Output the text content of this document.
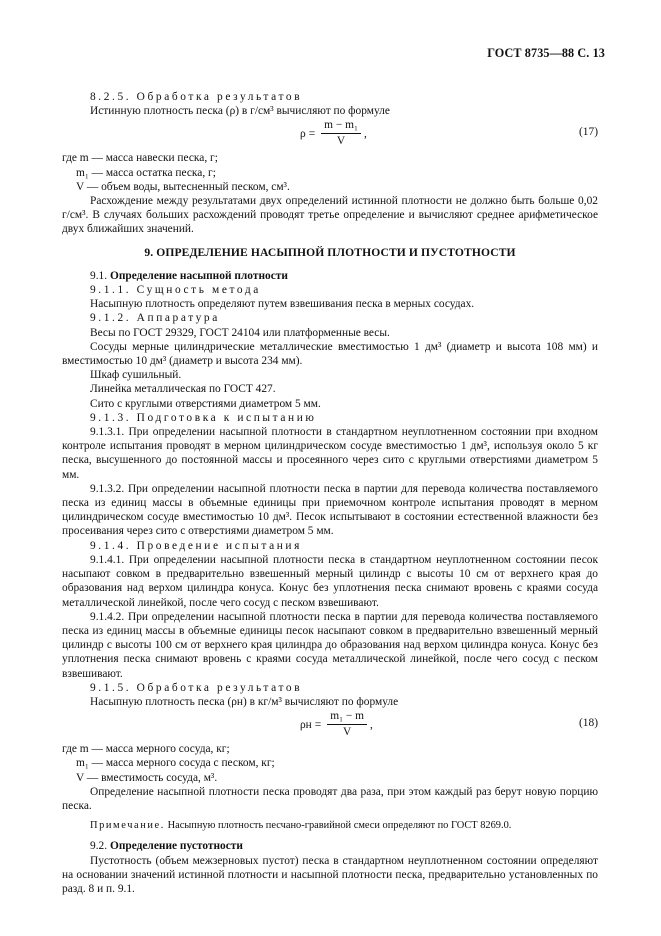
ГОСТ 8735—88 С. 13

8.2.5. Обработка результатов

Истинную плотность песка (ρ) в г/см³ вычисляют по формуле

$\rho = \frac{\text{m − m₁}}{V}$ ,	(17)

где m — масса навески песка, г;

m₁ — масса остатка песка, г;

V — объем воды, вытесненный песком, см³.

Расхождение между результатами двух определений истинной плотности не должно быть больше 0,02 г/см³. В случаях больших расхождений проводят третье определение и вычисляют среднее арифметическое двух ближайших значений.

9. ОПРЕДЕЛЕНИЕ НАСЫПНОЙ ПЛОТНОСТИ И ПУСТОТНОСТИ

9.1. Определение насыпной плотности

9.1.1. Сущность метода

Насыпную плотность определяют путем взвешивания песка в мерных сосудах.

9.1.2. Аппаратура

Весы по ГОСТ 29329, ГОСТ 24104 или платформенные весы.

Сосуды мерные цилиндрические металлические вместимостью 1 дм³ (диаметр и высота 108 мм) и вместимостью 10 дм³ (диаметр и высота 234 мм).

Шкаф сушильный.

Линейка металлическая по ГОСТ 427.

Сито с круглыми отверстиями диаметром 5 мм.

9.1.3. Подготовка к испытанию

9.1.3.1. При определении насыпной плотности в стандартном неуплотненном состоянии при входном контроле испытания проводят в мерном цилиндрическом сосуде вместимостью 1 дм³, используя около 5 кг песка, высушенного до постоянной массы и просеянного через сито с круглыми отверстиями диаметром 5 мм.

9.1.3.2. При определении насыпной плотности песка в партии для перевода количества поставляемого песка из единиц массы в объемные единицы при приемочном контроле испытания проводят в мерном цилиндрическом сосуде вместимостью 10 дм³. Песок испытывают в состоянии естественной влажности без просеивания через сито с отверстиями диаметром 5 мм.

9.1.4. Проведение испытания

9.1.4.1. При определении насыпной плотности песка в стандартном неуплотненном состоянии песок насыпают совком в предварительно взвешенный мерный цилиндр с высоты 10 см от верхнего края до образования над верхом цилиндра конуса. Конус без уплотнения песка снимают вровень с краями сосуда металлической линейкой, после чего сосуд с песком взвешивают.

9.1.4.2. При определении насыпной плотности песка в партии для перевода количества поставляемого песка из единиц массы в объемные единицы песок насыпают совком в предварительно взвешенный мерный цилиндр с высоты 100 см от верхнего края цилиндра до образования над верхом цилиндра конуса. Конус без уплотнения песка снимают вровень с краями сосуда металлической линейкой, после чего сосуд с песком взвешивают.

9.1.5. Обработка результатов

Насыпную плотность песка (ρн) в кг/м³ вычисляют по формуле

$\rho н = \frac{\text{m₁ − m}}{V}$ ,	(18)

где m — масса мерного сосуда, кг;

m₁ — масса мерного сосуда с песком, кг;

V — вместимость сосуда, м³.

Определение насыпной плотности песка проводят два раза, при этом каждый раз берут новую порцию песка.

Примечание. Насыпную плотность песчано-гравийной смеси определяют по ГОСТ 8269.0.

9.2. Определение пустотности

Пустотность (объем межзерновых пустот) песка в стандартном неуплотненном состоянии определяют на основании значений истинной плотности и насыпной плотности песка, предварительно установленных по разд. 8 и п. 9.1.
